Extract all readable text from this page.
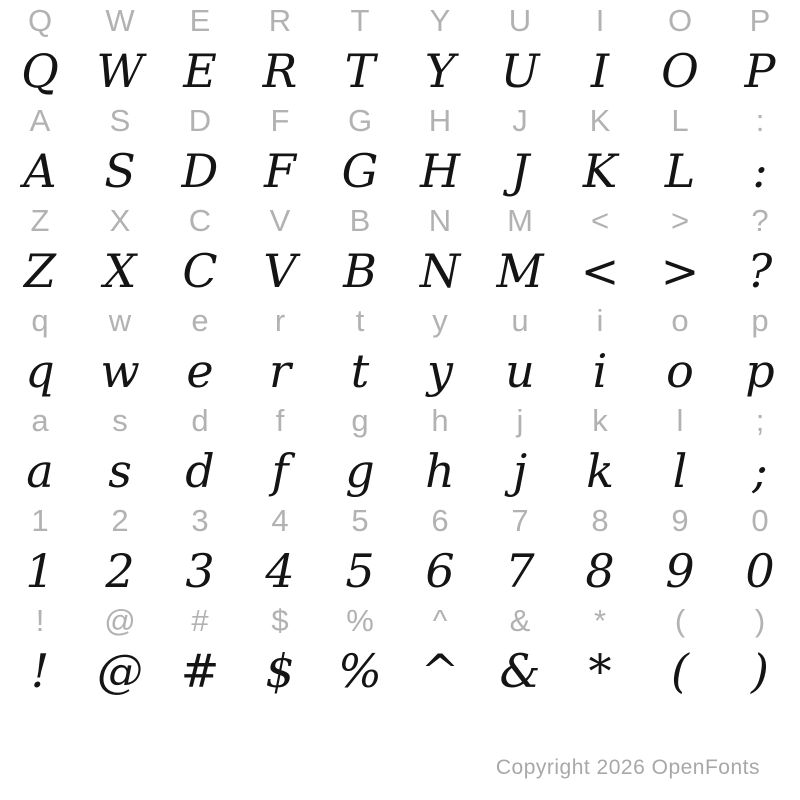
Q	W	E	R	T	Y	U	I	O	P
Q W E R	T	Y U	I	O P
A	S	D	F	G	H	J	K	L	:
A	S D F G H	J	K	L	:
Z	X	C	V	B	N	M	<	>	?
Z	X	C V	B N M < >	?
q	w	e	r	t	y	u	i	o	p
q w	e	r	t	y	u	i	o	p
a	s	d	f	g	h	j	k	l	;
a	s	d	f	g	h	j	k	l	;
1	2	3	4	5	6	7	8	9	0
1	2	3	4	5	6	7	8	9	0
!	@	#	$	%	^	&	*	(	)
!	@ #	$ % ^ &	*	(	)
Copyright 2026 OpenFonts
